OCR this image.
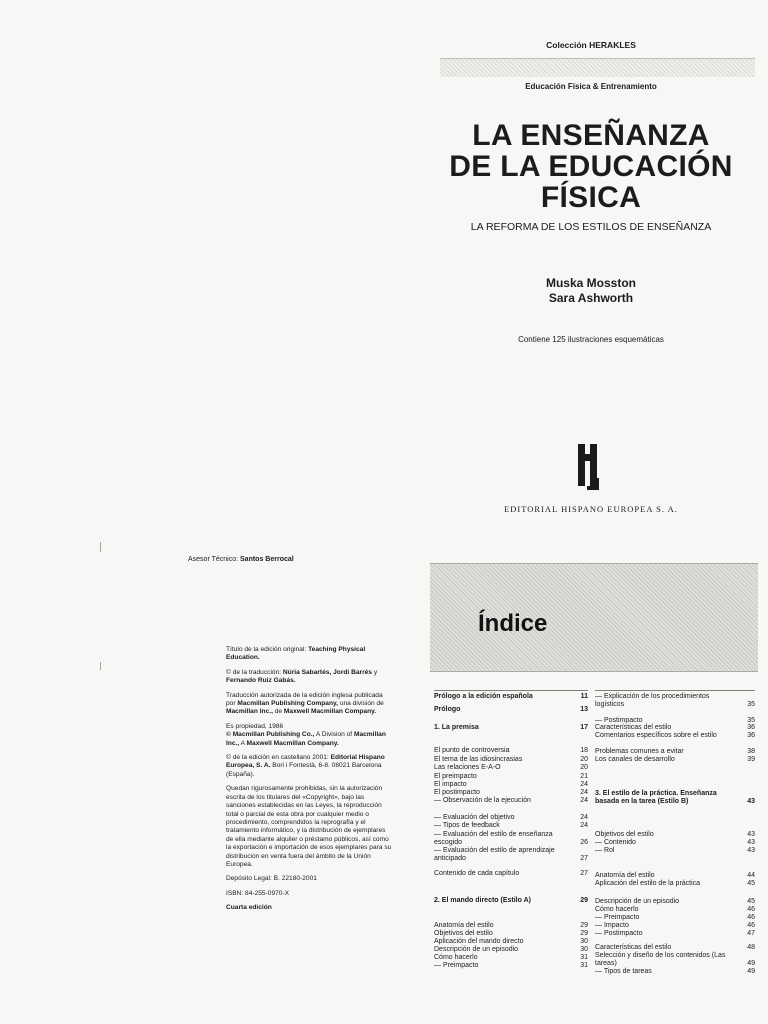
Asesor Técnico: Santos Berrocal

Título de la edición original: Teaching Physical Education.

© de la traducción: Núria Sabartés, Jordi Barrés y Fernando Ruiz Gabás.

Traducción autorizada de la edición inglesa publicada por Macmillan Publishing Company, una división de Macmillan Inc., de Maxwell Macmillan Company.

Es propiedad, 1986
© Macmillan Publishing Co., A Division of Macmillan Inc., A Maxwell Macmillan Company.

© de la edición en castellano 2001: Editorial Hispano Europea, S. A. Bori i Fontestà, 6-8. 08021 Barcelona (España).

Quedan rigurosamente prohibidas, sin la autorización escrita de los titulares del «Copyright», bajo las sanciones establecidas en las Leyes, la reproducción total o parcial de esta obra por cualquier medio o procedimiento, comprendidos la reprografía y el tratamiento informático, y la distribución de ejemplares de ella mediante alquiler o préstamo públicos, así como la exportación e importación de esos ejemplares para su distribución en venta fuera del ámbito de la Unión Europea.

Depósito Legal: B. 22180-2001

ISBN: 84-255-0970-X

Cuarta edición

Colección HERAKLES
Educación Física & Entrenamiento
LA ENSEÑANZA
DE LA EDUCACIÓN
FÍSICA
LA REFORMA DE LOS ESTILOS DE ENSEÑANZA
Muska Mosston
Sara Ashworth
Contiene 125 ilustraciones esquemáticas
EDITORIAL HISPANO EUROPEA S. A.
Índice
Prólogo a la edición española	11
Prólogo	13
1. La premisa	17
El punto de controversia	18
El tema de las idiosincrasias	20
Las relaciones E-A-O	20
El preimpacto	21
El impacto	24
El postimpacto	24
— Observación de la ejecución	24
— Evaluación del objetivo	24
— Tipos de feedback	24
— Evaluación del estilo de enseñanza escogido	26
— Evaluación del estilo de aprendizaje anticipado	27
Contenido de cada capítulo	27
2. El mando directo (Estilo A)	29
Anatomía del estilo	29
Objetivos del estilo	29
Aplicación del mando directo	30
Descripción de un episodio	30
Cómo hacerlo	31
— Preimpacto	31
— Explicación de los procedimientos logísticos	35
— Postimpacto	35
Características del estilo	36
Comentarios específicos sobre el estilo	36
Problemas comunes a evitar	38
Los canales de desarrollo	39
3. El estilo de la práctica. Enseñanza basada en la tarea (Estilo B)	43
Objetivos del estilo	43
— Contenido	43
— Rol	43
Anatomía del estilo	44
Aplicación del estilo de la práctica	45
Descripción de un episodio	45
Cómo hacerlo	46
— Preimpacto	46
— Impacto	46
— Postimpacto	47
Características del estilo	48
Selección y diseño de los contenidos (Las tareas)	49
— Tipos de tareas	49
